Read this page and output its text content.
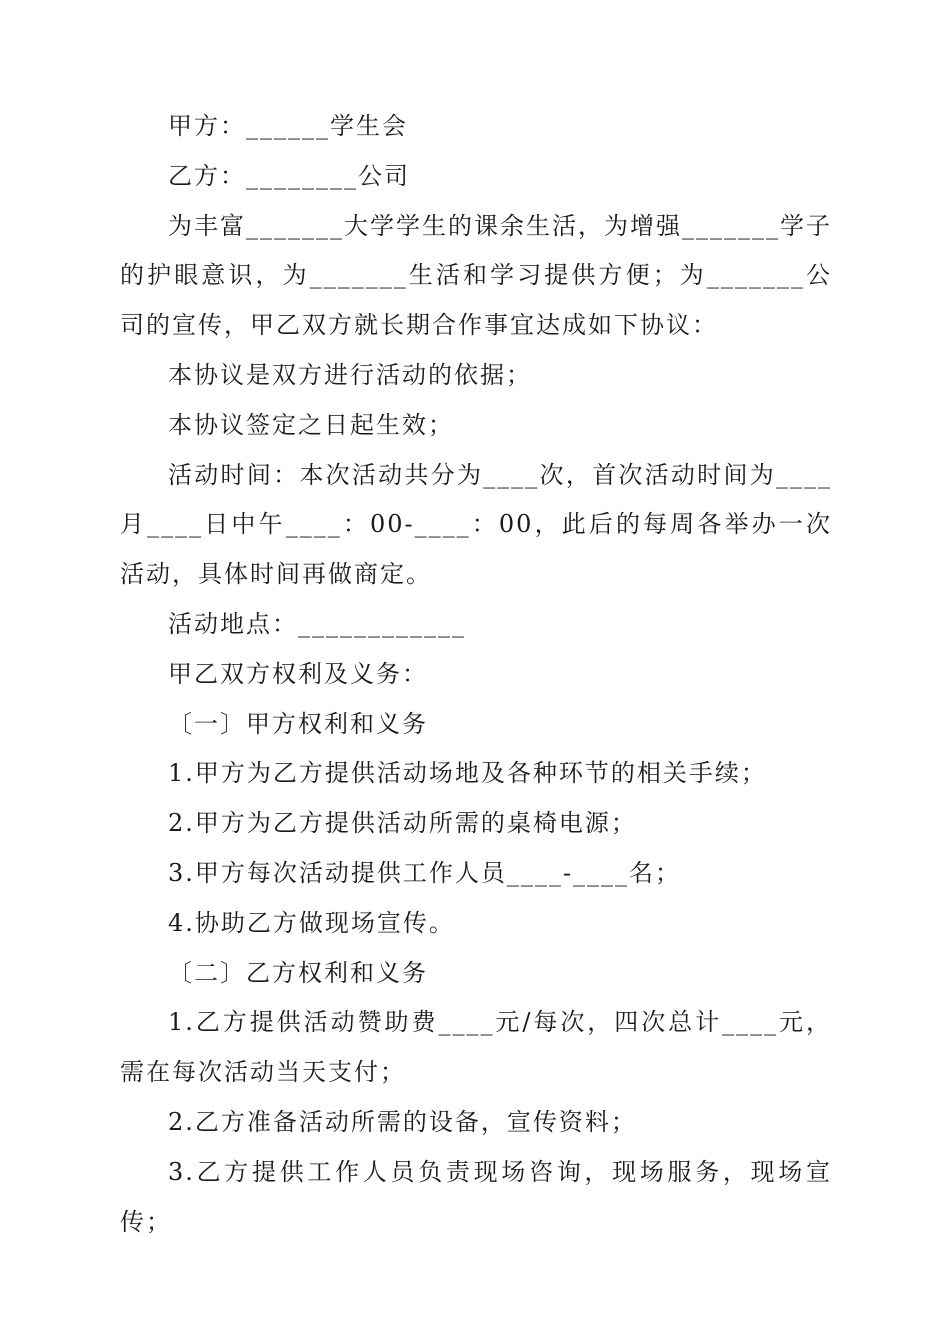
甲方：______学生会

乙方：________公司

为丰富_______大学学生的课余生活，为增强_______学子的护眼意识，为_______生活和学习提供方便；为_______公司的宣传，甲乙双方就长期合作事宜达成如下协议：

本协议是双方进行活动的依据；

本协议签定之日起生效；

活动时间：本次活动共分为____次，首次活动时间为____月____日中午____：00-____：00，此后的每周各举办一次活动，具体时间再做商定。

活动地点：____________

甲乙双方权利及义务：

〔一〕甲方权利和义务

1.甲方为乙方提供活动场地及各种环节的相关手续；

2.甲方为乙方提供活动所需的桌椅电源；

3.甲方每次活动提供工作人员____-____名；

4.协助乙方做现场宣传。

〔二〕乙方权利和义务

1.乙方提供活动赞助费____元/每次，四次总计____元，需在每次活动当天支付；

2.乙方准备活动所需的设备，宣传资料；

3.乙方提供工作人员负责现场咨询，现场服务，现场宣传；
